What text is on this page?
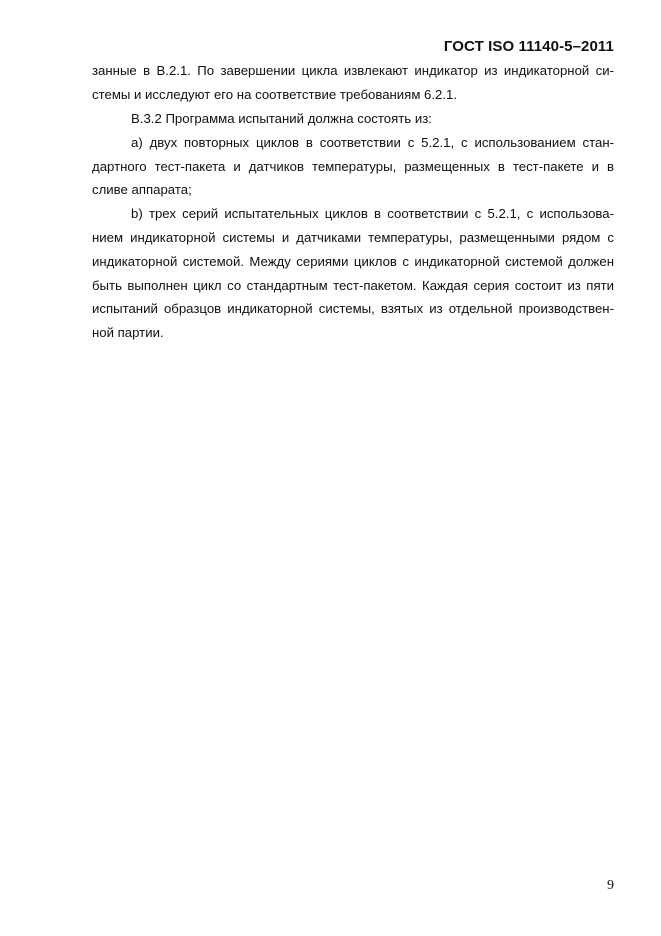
ГОСТ ISO 11140-5–2011
занные в В.2.1. По завершении цикла извлекают индикатор из индикаторной си-
стемы и исследуют его на соответствие требованиям 6.2.1.
В.3.2 Программа испытаний должна состоять из:
а) двух повторных циклов в соответствии с 5.2.1, с использованием стан-
дартного тест-пакета и датчиков температуры, размещенных в тест-пакете и в
сливе аппарата;
b) трех серий испытательных циклов в соответствии с 5.2.1, с использова-
нием индикаторной системы и датчиками температуры, размещенными рядом с
индикаторной системой. Между сериями циклов с индикаторной системой должен
быть выполнен цикл со стандартным тест-пакетом. Каждая серия состоит из пяти
испытаний образцов индикаторной системы, взятых из отдельной производствен-
ной партии.
9
